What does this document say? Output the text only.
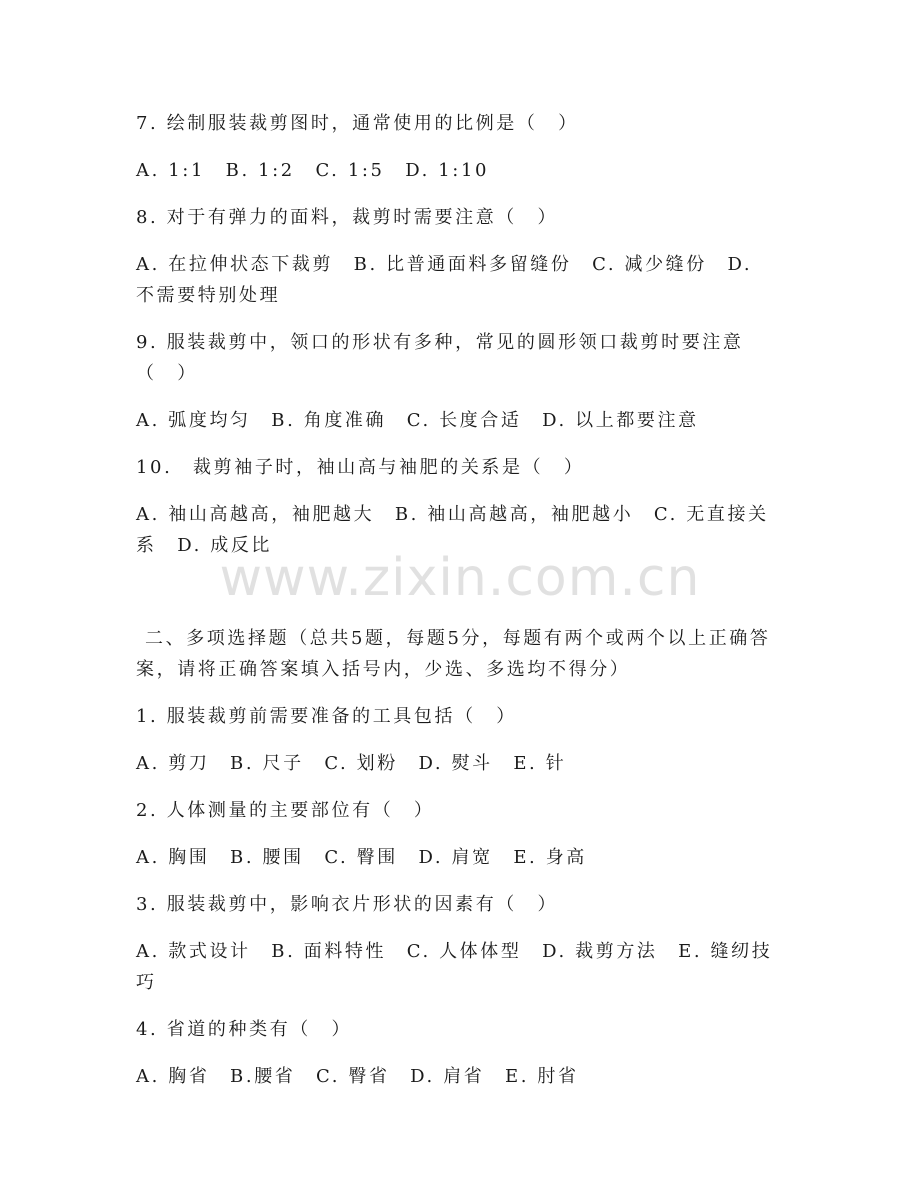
7. 绘制服装裁剪图时，通常使用的比例是（　）

A. 1:1　B. 1:2　C. 1:5　D. 1:10

8. 对于有弹力的面料，裁剪时需要注意（　）

A. 在拉伸状态下裁剪　B. 比普通面料多留缝份　C. 减少缝份　D. 不需要特别处理

9. 服装裁剪中，领口的形状有多种，常见的圆形领口裁剪时要注意（　）

A. 弧度均匀　B. 角度准确　C. 长度合适　D. 以上都要注意

10.　裁剪袖子时，袖山高与袖肥的关系是（　）

A. 袖山高越高，袖肥越大　B. 袖山高越高，袖肥越小　C. 无直接关系　D. 成反比

二、多项选择题（总共5题，每题5分，每题有两个或两个以上正确答案，请将正确答案填入括号内，少选、多选均不得分）

1. 服装裁剪前需要准备的工具包括（　）

A. 剪刀　B. 尺子　C. 划粉　D. 熨斗　E. 针

2. 人体测量的主要部位有（　）

A. 胸围　B. 腰围　C. 臀围　D. 肩宽　E. 身高

3. 服装裁剪中，影响衣片形状的因素有（　）

A. 款式设计　B. 面料特性　C. 人体体型　D. 裁剪方法　E. 缝纫技巧

4. 省道的种类有（　）

A. 胸省　B.腰省　C. 臀省　D. 肩省　E. 肘省

www.zixin.com.cn
